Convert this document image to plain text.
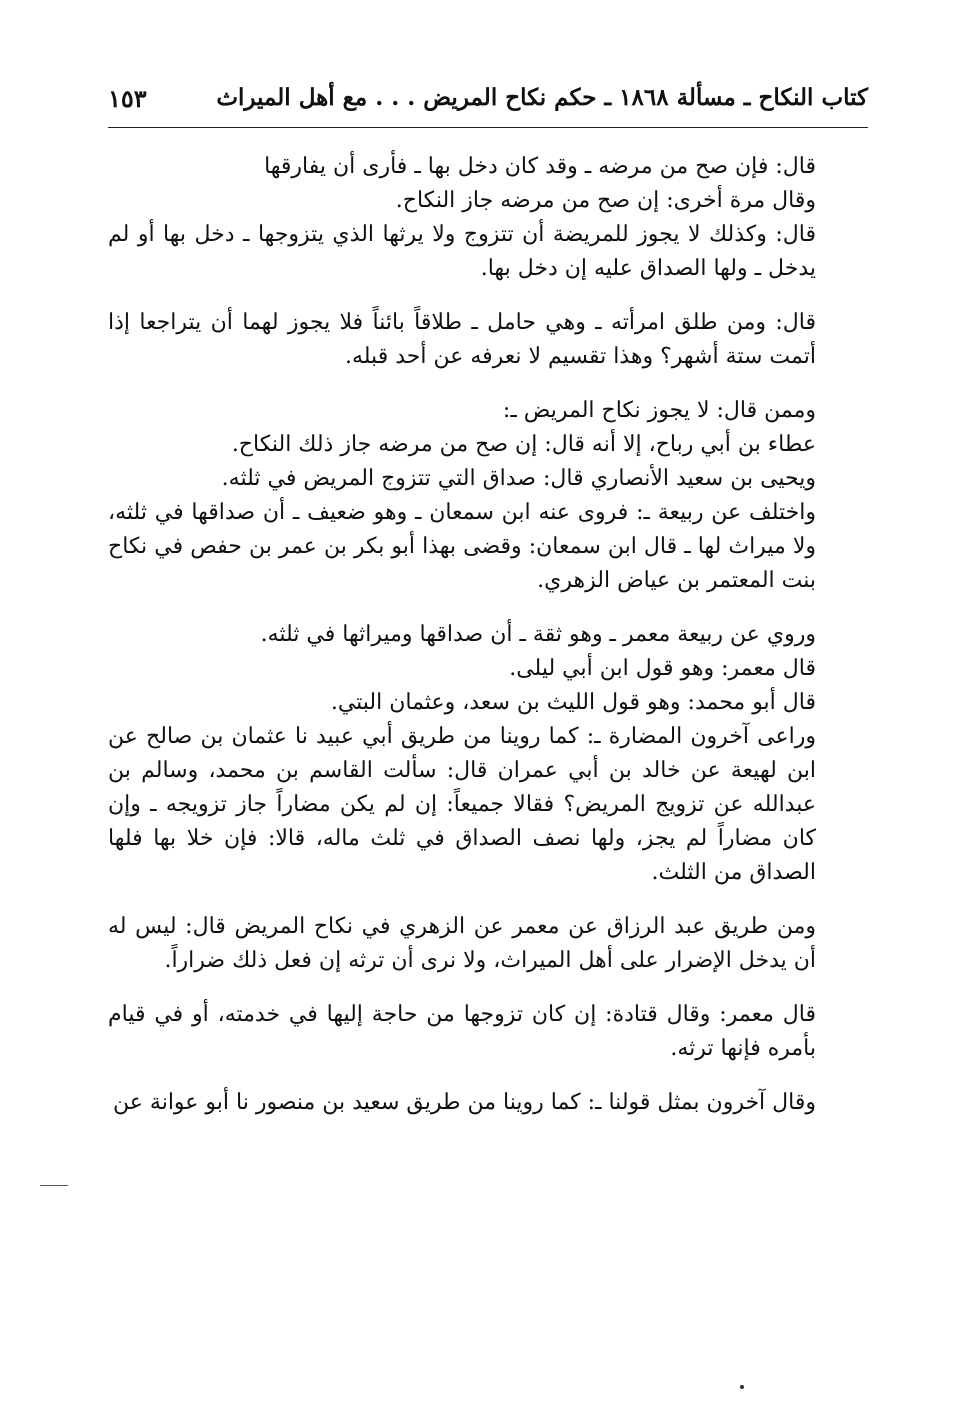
كتاب النكاح ـ مسألة ١٨٦٨ ـ حكم نكاح المريض . . . مع أهل الميراث
١٥٣

قال: فإن صح من مرضه ـ وقد كان دخل بها ـ فأرى أن يفارقها

وقال مرة أخرى: إن صح من مرضه جاز النكاح.

قال: وكذلك لا يجوز للمريضة أن تتزوج ولا يرثها الذي يتزوجها ـ دخل بها أو لم يدخل ـ ولها الصداق عليه إن دخل بها.

قال: ومن طلق امرأته ـ وهي حامل ـ طلاقاً بائناً فلا يجوز لهما أن يتراجعا إذا أتمت ستة أشهر؟ وهذا تقسيم لا نعرفه عن أحد قبله.

وممن قال: لا يجوز نكاح المريض ـ:

عطاء بن أبي رباح، إلا أنه قال: إن صح من مرضه جاز ذلك النكاح.

ويحيى بن سعيد الأنصاري قال: صداق التي تتزوج المريض في ثلثه.

واختلف عن ربيعة ـ: فروى عنه ابن سمعان ـ وهو ضعيف ـ أن صداقها في ثلثه، ولا ميراث لها ـ قال ابن سمعان: وقضى بهذا أبو بكر بن عمر بن حفص في نكاح بنت المعتمر بن عياض الزهري.

وروي عن ربيعة معمر ـ وهو ثقة ـ أن صداقها وميراثها في ثلثه.

قال معمر: وهو قول ابن أبي ليلى.

قال أبو محمد: وهو قول الليث بن سعد، وعثمان البتي.

وراعى آخرون المضارة ـ: كما روينا من طريق أبي عبيد نا عثمان بن صالح عن ابن لهيعة عن خالد بن أبي عمران قال: سألت القاسم بن محمد، وسالم بن عبدالله عن تزويج المريض؟ فقالا جميعاً: إن لم يكن مضاراً جاز تزويجه ـ وإن كان مضاراً لم يجز، ولها نصف الصداق في ثلث ماله، قالا: فإن خلا بها فلها الصداق من الثلث.

ومن طريق عبد الرزاق عن معمر عن الزهري في نكاح المريض قال: ليس له أن يدخل الإضرار على أهل الميراث، ولا نرى أن ترثه إن فعل ذلك ضراراً.

قال معمر: وقال قتادة: إن كان تزوجها من حاجة إليها في خدمته، أو في قيام بأمره فإنها ترثه.

وقال آخرون بمثل قولنا ـ: كما روينا من طريق سعيد بن منصور نا أبو عوانة عن
